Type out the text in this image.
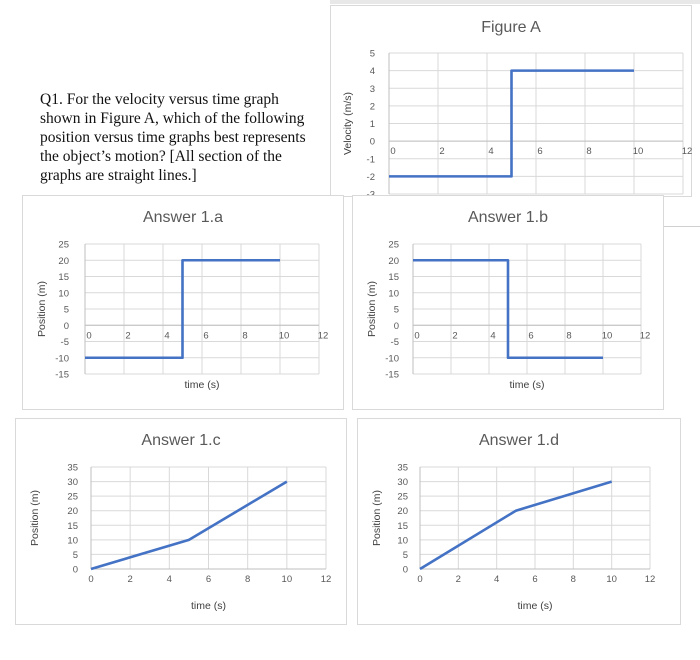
Q1. For the velocity versus time graph shown in Figure A, which of the following position versus time graphs best represents the object’s motion? [All section of the graphs are straight lines.]
Figure A
-2
-1
0
1
2
3
4
5
0	2	4	6	8	10	12
Velocity (m/s)
Answer 1.a
-15
-10
-5
0
5
10
15
20
25
0	2	4	6	8	10	12
time (s)
Position (m)
Answer 1.b
-15
-10
-5
0
5
10
15
20
25
0	2	4	6	8	10	12
time (s)
Position (m)
Answer 1.c
0
5
10
15
20
25
30
35
0	2	4	6	8	10	12
time (s)
Position (m)
Answer 1.d
0
5
10
15
20
25
30
35
0	2	4	6	8	10	12
time (s)
Position (m)
